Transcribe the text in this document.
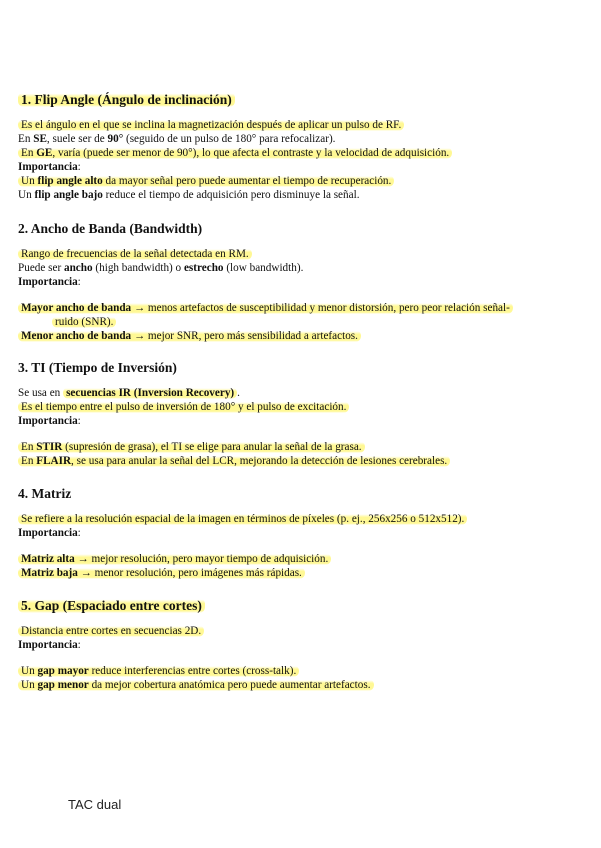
1. Flip Angle (Ángulo de inclinación)
Es el ángulo en el que se inclina la magnetización después de aplicar un pulso de RF.
En SE, suele ser de 90° (seguido de un pulso de 180° para refocalizar).
En GE, varía (puede ser menor de 90°), lo que afecta el contraste y la velocidad de adquisición.
Importancia:
Un flip angle alto da mayor señal pero puede aumentar el tiempo de recuperación.
Un flip angle bajo reduce el tiempo de adquisición pero disminuye la señal.
2. Ancho de Banda (Bandwidth)
Rango de frecuencias de la señal detectada en RM.
Puede ser ancho (high bandwidth) o estrecho (low bandwidth).
Importancia:
Mayor ancho de banda → menos artefactos de susceptibilidad y menor distorsión, pero peor relación señal-
ruido (SNR).
Menor ancho de banda → mejor SNR, pero más sensibilidad a artefactos.
3. TI (Tiempo de Inversión)
Se usa en secuencias IR (Inversion Recovery) .
Es el tiempo entre el pulso de inversión de 180° y el pulso de excitación.
Importancia:
En STIR (supresión de grasa), el TI se elige para anular la señal de la grasa.
En FLAIR, se usa para anular la señal del LCR, mejorando la detección de lesiones cerebrales.
4. Matriz
Se refiere a la resolución espacial de la imagen en términos de píxeles (p. ej., 256x256 o 512x512).
Importancia:
Matriz alta → mejor resolución, pero mayor tiempo de adquisición.
Matriz baja → menor resolución, pero imágenes más rápidas.
5. Gap (Espaciado entre cortes)
Distancia entre cortes en secuencias 2D.
Importancia:
Un gap mayor reduce interferencias entre cortes (cross-talk).
Un gap menor da mejor cobertura anatómica pero puede aumentar artefactos.
TAC dual
